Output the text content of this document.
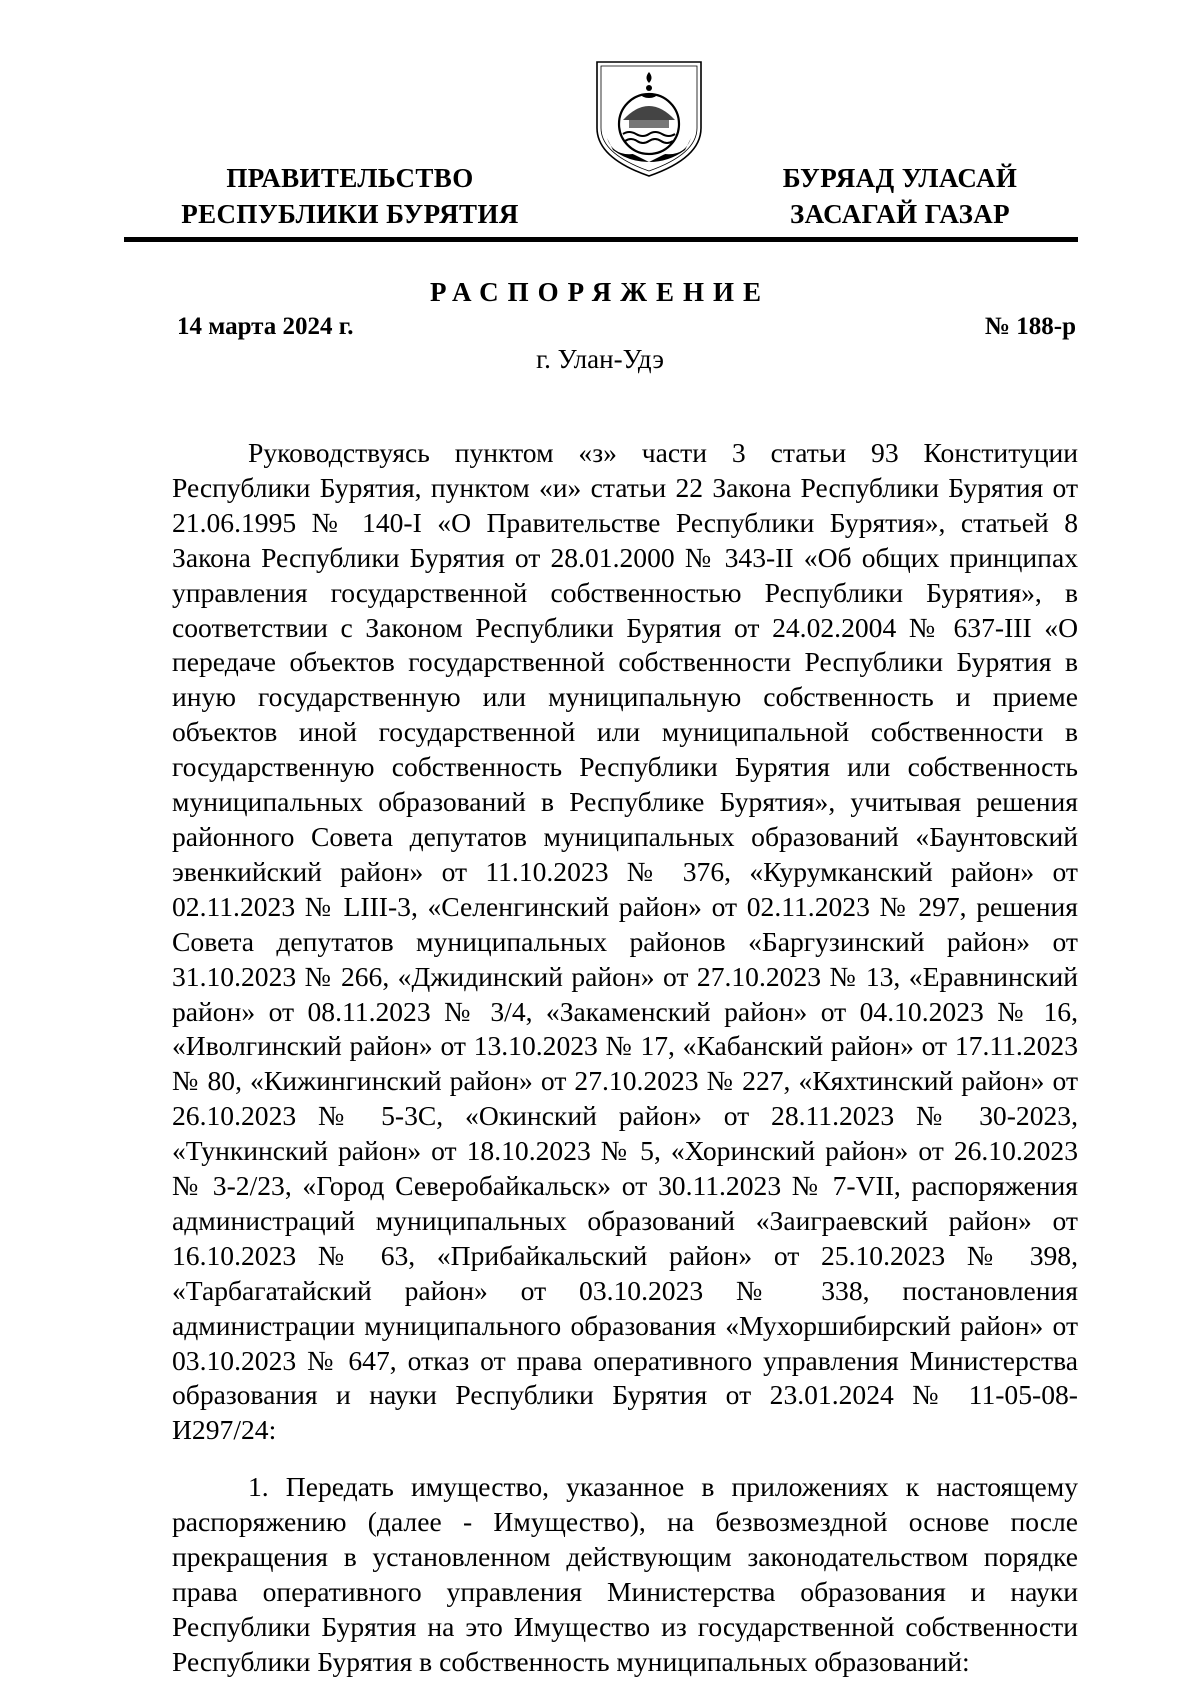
ПРАВИТЕЛЬСТВО
РЕСПУБЛИКИ БУРЯТИЯ
БУРЯАД УЛАСАЙ
ЗАСАГАЙ ГАЗАР
РАСПОРЯЖЕНИЕ
14 марта 2024 г.	№ 188-р
г. Улан-Удэ

Руководствуясь пунктом «з» части 3 статьи 93 Конституции Республики Бурятия, пунктом «и» статьи 22 Закона Республики Бурятия от 21.06.1995 № 140-I «О Правительстве Республики Бурятия», статьей 8 Закона Республики Бурятия от 28.01.2000 № 343-II «Об общих принципах управления государственной собственностью Республики Бурятия», в соответствии с Законом Республики Бурятия от 24.02.2004 № 637-III «О передаче объектов государственной собственности Республики Бурятия в иную государственную или муниципальную собственность и приеме объектов иной государственной или муниципальной собственности в государственную собственность Республики Бурятия или собственность муниципальных образований в Республике Бурятия», учитывая решения районного Совета депутатов муниципальных образований «Баунтовский эвенкийский район» от 11.10.2023 № 376, «Курумканский район» от 02.11.2023 № LIII-3, «Селенгинский район» от 02.11.2023 № 297, решения Совета депутатов муниципальных районов «Баргузинский район» от 31.10.2023 № 266, «Джидинский район» от 27.10.2023 № 13, «Еравнинский район» от 08.11.2023 № 3/4, «Закаменский район» от 04.10.2023 № 16, «Иволгинский район» от 13.10.2023 № 17, «Кабанский район» от 17.11.2023 № 80, «Кижингинский район» от 27.10.2023 № 227, «Кяхтинский район» от 26.10.2023 № 5-3С, «Окинский район» от 28.11.2023 № 30-2023, «Тункинский район» от 18.10.2023 № 5, «Хоринский район» от 26.10.2023 № 3-2/23, «Город Северобайкальск» от 30.11.2023 № 7-VII, распоряжения администраций муниципальных образований «Заиграевский район» от 16.10.2023 № 63, «Прибайкальский район» от 25.10.2023 № 398, «Тарбагатайский район» от 03.10.2023 № 338, постановления администрации муниципального образования «Мухоршибирский район» от 03.10.2023 № 647, отказ от права оперативного управления Министерства образования и науки Республики Бурятия от 23.01.2024 № 11-05-08-И297/24:

1. Передать имущество, указанное в приложениях к настоящему распоряжению (далее - Имущество), на безвозмездной основе после прекращения в установленном действующим законодательством порядке права оперативного управления Министерства образования и науки Республики Бурятия на это Имущество из государственной собственности Республики Бурятия в собственность муниципальных образований:
